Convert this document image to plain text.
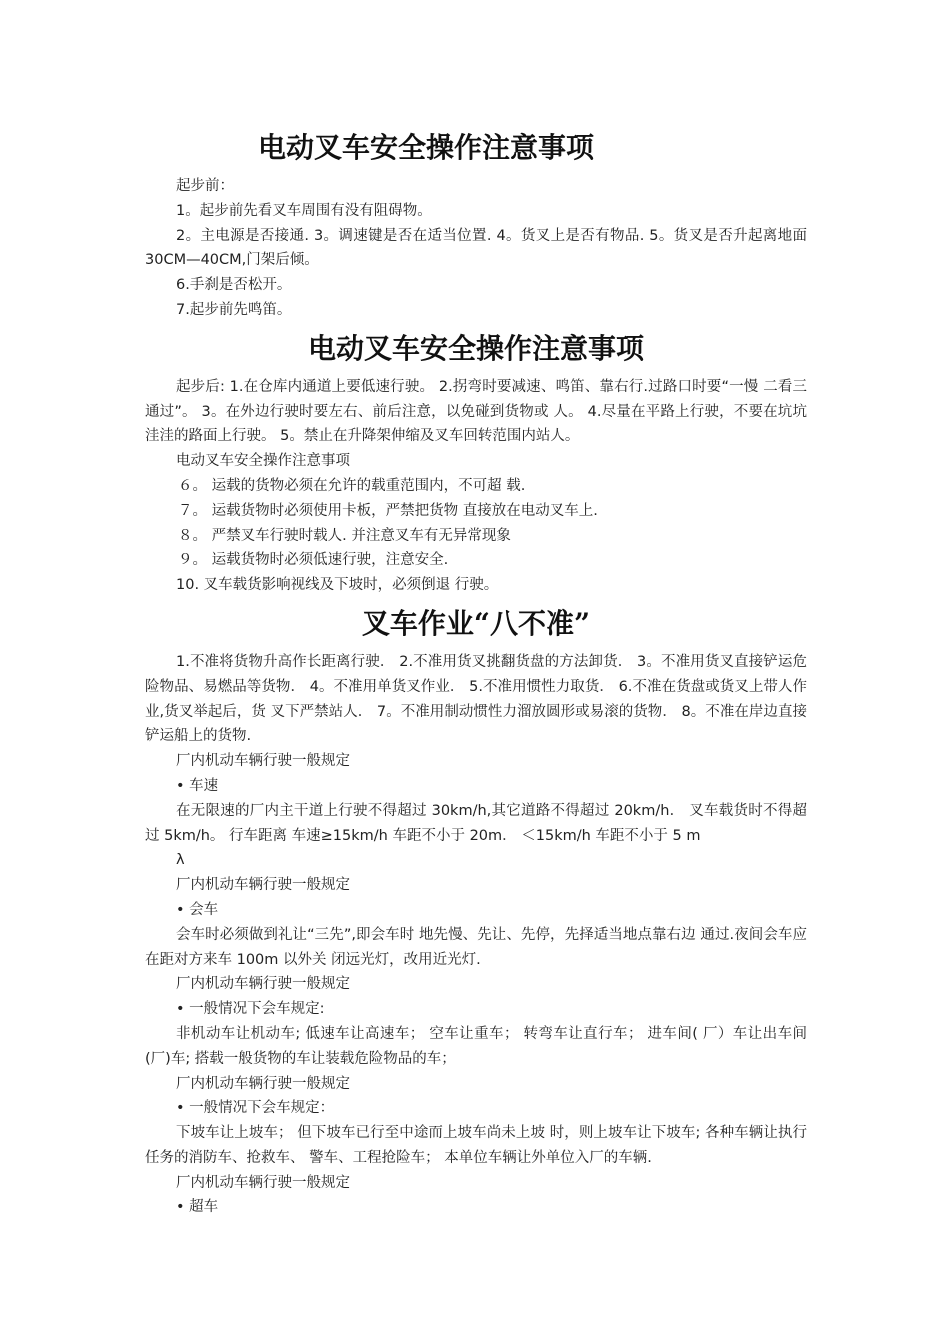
电动叉车安全操作注意事项

起步前：

1。起步前先看叉车周围有没有阻碍物。

2。主电源是否接通. 3。调速键是否在适当位置. 4。货叉上是否有物品. 5。货叉是否升起离地面 30CM—40CM,门架后倾。

6.手刹是否松开。

7.起步前先鸣笛。

电动叉车安全操作注意事项

起步后: 1.在仓库内通道上要低速行驶。 2.拐弯时要减速、鸣笛、靠右行.过路口时要“一慢 二看三通过”。 3。在外边行驶时要左右、前后注意，以免碰到货物或 人。 4.尽量在平路上行驶，不要在坑坑洼洼的路面上行驶。 5。禁止在升降架伸缩及叉车回转范围内站人。

电动叉车安全操作注意事项

６。 运载的货物必须在允许的载重范围内，不可超 载.

７。 运载货物时必须使用卡板，严禁把货物 直接放在电动叉车上.

８。 严禁叉车行驶时载人. 并注意叉车有无异常现象

９。 运载货物时必须低速行驶，注意安全.

10. 叉车载货影响视线及下坡时，必须倒退 行驶。

叉车作业“八不准”

1.不准将货物升高作长距离行驶． 2.不准用货叉挑翻货盘的方法卸货． 3。不准用货叉直接铲运危险物品、易燃品等货物． 4。不准用单货叉作业． 5.不准用惯性力取货． 6.不准在货盘或货叉上带人作业,货叉举起后，货 叉下严禁站人． 7。不准用制动惯性力溜放圆形或易滚的货物． 8。不准在岸边直接铲运船上的货物.

厂内机动车辆行驶一般规定

• 车速

在无限速的厂内主干道上行驶不得超过 30km/h,其它道路不得超过 20km/h． 叉车载货时不得超过 5km/h。 行车距离 车速≥15km/h 车距不小于 20m． ＜15km/h 车距不小于 5 m

λ

厂内机动车辆行驶一般规定

• 会车

会车时必须做到礼让“三先”,即会车时 地先慢、先让、先停，先择适当地点靠右边 通过.夜间会车应在距对方来车 100m 以外关 闭远光灯，改用近光灯.

厂内机动车辆行驶一般规定

• 一般情况下会车规定:

非机动车让机动车; 低速车让高速车； 空车让重车； 转弯车让直行车； 进车间( 厂）车让出车间(厂)车; 搭载一般货物的车让装载危险物品的车；

厂内机动车辆行驶一般规定

• 一般情况下会车规定：

下坡车让上坡车； 但下坡车已行至中途而上坡车尚未上坡 时，则上坡车让下坡车; 各种车辆让执行任务的消防车、抢救车、 警车、工程抢险车； 本单位车辆让外单位入厂的车辆.

厂内机动车辆行驶一般规定

• 超车
